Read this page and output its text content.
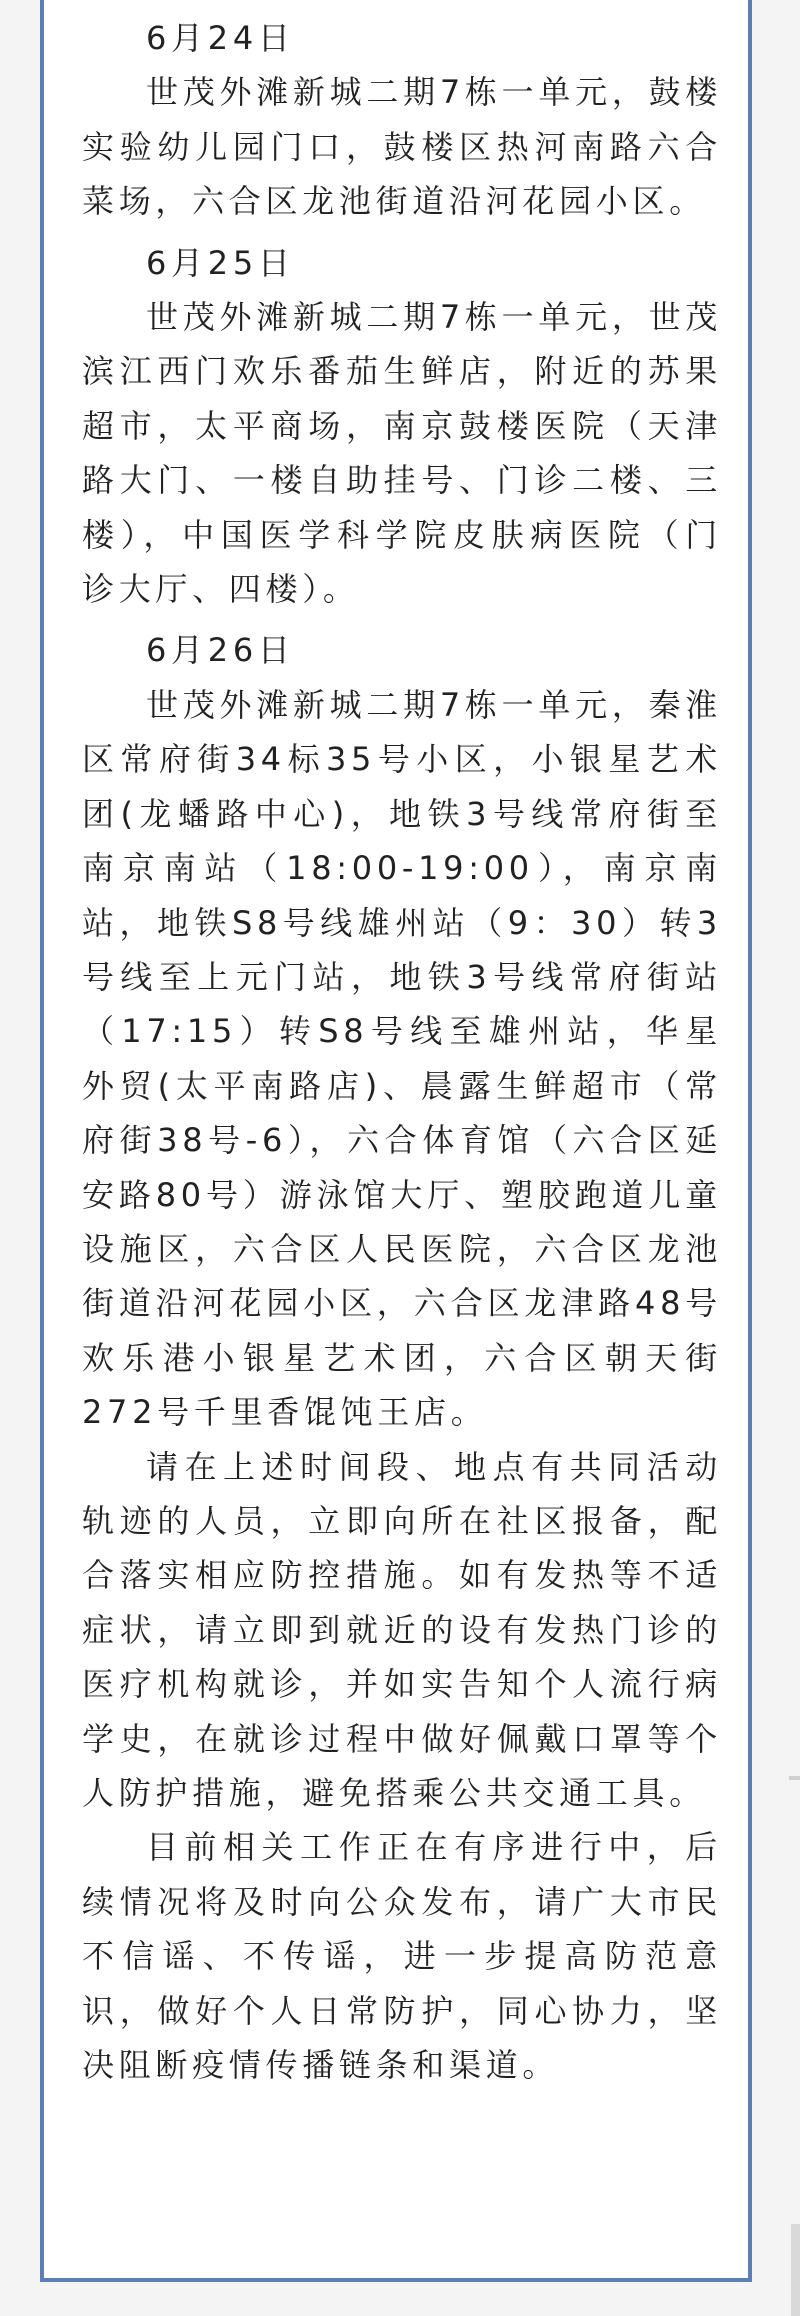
6月24日

世茂外滩新城二期7栋一单元，鼓楼实验幼儿园门口，鼓楼区热河南路六合菜场，六合区龙池街道沿河花园小区。

6月25日

世茂外滩新城二期7栋一单元，世茂滨江西门欢乐番茄生鲜店，附近的苏果超市，太平商场，南京鼓楼医院（天津路大门、一楼自助挂号、门诊二楼、三楼），中国医学科学院皮肤病医院（门诊大厅、四楼）。

6月26日

世茂外滩新城二期7栋一单元，秦淮区常府街34标35号小区，小银星艺术团(龙蟠路中心)，地铁3号线常府街至南京南站（18:00-19:00），南京南站，地铁S8号线雄州站（9：30）转3号线至上元门站，地铁3号线常府街站（17:15）转S8号线至雄州站，华星外贸(太平南路店)、晨露生鲜超市（常府街38号-6），六合体育馆（六合区延安路80号）游泳馆大厅、塑胶跑道儿童设施区，六合区人民医院，六合区龙池街道沿河花园小区，六合区龙津路48号欢乐港小银星艺术团，六合区朝天街272号千里香馄饨王店。

请在上述时间段、地点有共同活动轨迹的人员，立即向所在社区报备，配合落实相应防控措施。如有发热等不适症状，请立即到就近的设有发热门诊的医疗机构就诊，并如实告知个人流行病学史，在就诊过程中做好佩戴口罩等个人防护措施，避免搭乘公共交通工具。

目前相关工作正在有序进行中，后续情况将及时向公众发布，请广大市民不信谣、不传谣，进一步提高防范意识，做好个人日常防护，同心协力，坚决阻断疫情传播链条和渠道。
